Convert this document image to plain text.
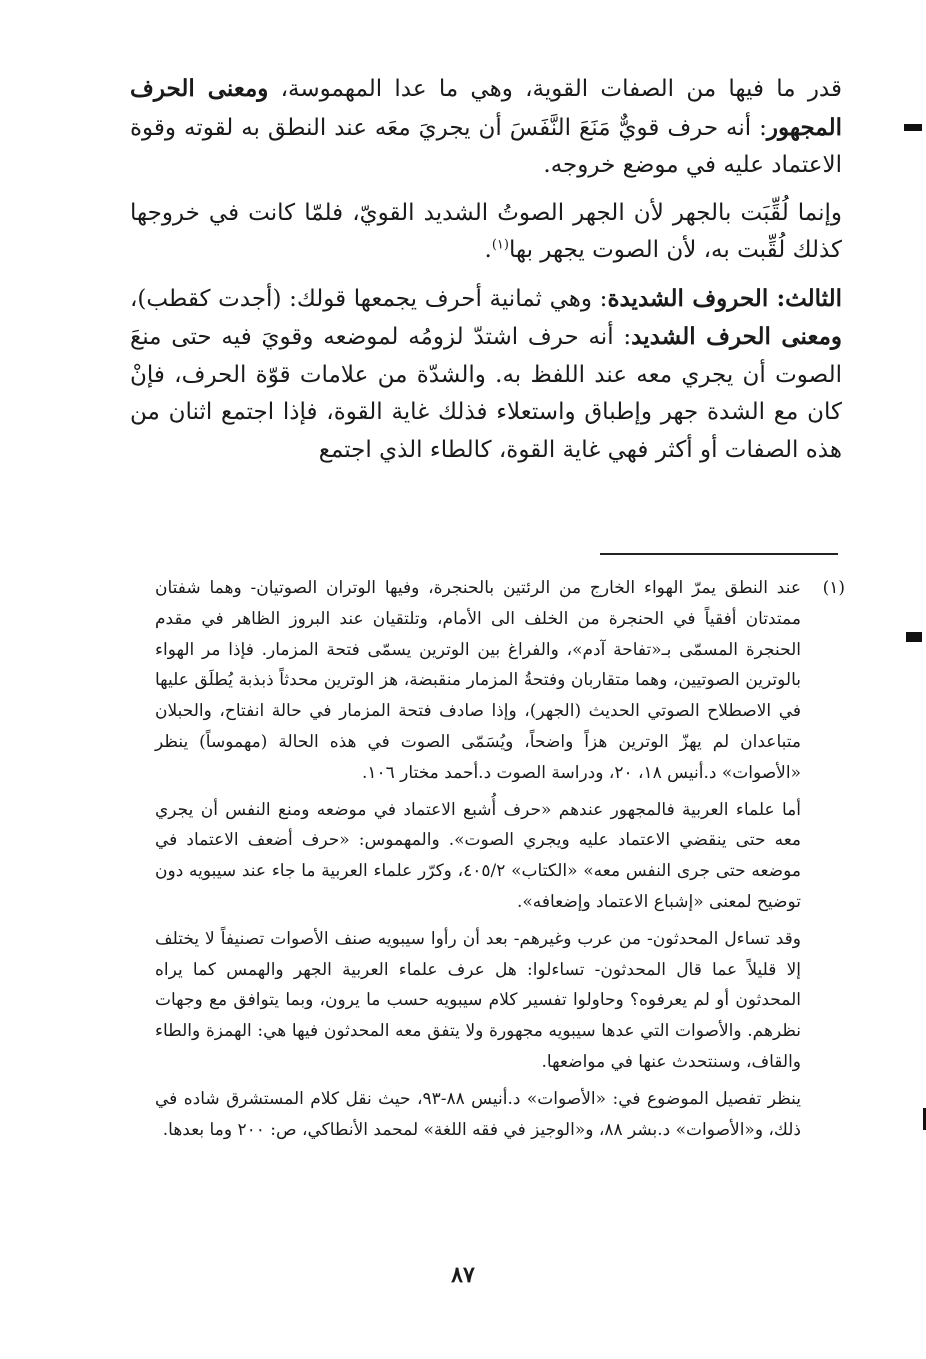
قدر ما فيها من الصفات القوية، وهي ما عدا المهموسة، ومعنى الحرف المجهور: أنه حرف قويٌّ مَنَعَ النَّفَسَ أن يجريَ معَه عند النطق به لقوته وقوة الاعتماد عليه في موضع خروجه.

وإنما لُقِّبَت بالجهر لأن الجهر الصوتُ الشديد القويّ، فلمّا كانت في خروجها كذلك لُقِّبت به، لأن الصوت يجهر بها$^{(١)}$.

الثالث: الحروف الشديدة: وهي ثمانية أحرف يجمعها قولك: (أجدت كقطب)، ومعنى الحرف الشديد: أنه حرف اشتدّ لزومُه لموضعه وقويَ فيه حتى منعَ الصوت أن يجري معه عند اللفظ به. والشدّة من علامات قوّة الحرف، فإنْ كان مع الشدة جهر وإطباق واستعلاء فذلك غاية القوة، فإذا اجتمع اثنان من هذه الصفات أو أكثر فهي غاية القوة، كالطاء الذي اجتمع

(١)

عند النطق يمرّ الهواء الخارج من الرئتين بالحنجرة، وفيها الوتران الصوتيان- وهما شفتان ممتدتان أفقياً في الحنجرة من الخلف الى الأمام، وتلتقيان عند البروز الظاهر في مقدم الحنجرة المسمّى بـ«تفاحة آدم»، والفراغ بين الوترين يسمّى فتحة المزمار. فإذا مر الهواء بالوترين الصوتيين، وهما متقاربان وفتحةُ المزمار منقبضة، هز الوترين محدثاً ذبذبة يُطلَق عليها في الاصطلاح الصوتي الحديث (الجهر)، وإذا صادف فتحة المزمار في حالة انفتاح، والحبلان متباعدان لم يهزّ الوترين هزاً واضحاً، ويُسَمّى الصوت في هذه الحالة (مهموساً) ينظر «الأصوات» د.أنيس ١٨، ٢٠، ودراسة الصوت د.أحمد مختار ١٠٦.

أما علماء العربية فالمجهور عندهم «حرف أُشبع الاعتماد في موضعه ومنع النفس أن يجري معه حتى ينقضي الاعتماد عليه ويجري الصوت». والمهموس: «حرف أضعف الاعتماد في موضعه حتى جرى النفس معه» «الكتاب» ٤٠٥/٢، وكرّر علماء العربية ما جاء عند سيبويه دون توضيح لمعنى «إشباع الاعتماد وإضعافه».

وقد تساءل المحدثون- من عرب وغيرهم- بعد أن رأوا سيبويه صنف الأصوات تصنيفاً لا يختلف إلا قليلاً عما قال المحدثون- تساءلوا: هل عرف علماء العربية الجهر والهمس كما يراه المحدثون أو لم يعرفوه؟ وحاولوا تفسير كلام سيبويه حسب ما يرون، وبما يتوافق مع وجهات نظرهم. والأصوات التي عدها سيبويه مجهورة ولا يتفق معه المحدثون فيها هي: الهمزة والطاء والقاف، وسنتحدث عنها في مواضعها.

ينظر تفصيل الموضوع في: «الأصوات» د.أنيس ٨٨-٩٣، حيث نقل كلام المستشرق شاده في ذلك، و«الأصوات» د.بشر ٨٨، و«الوجيز في فقه اللغة» لمحمد الأنطاكي، ص: ٢٠٠ وما بعدها.

٨٧
